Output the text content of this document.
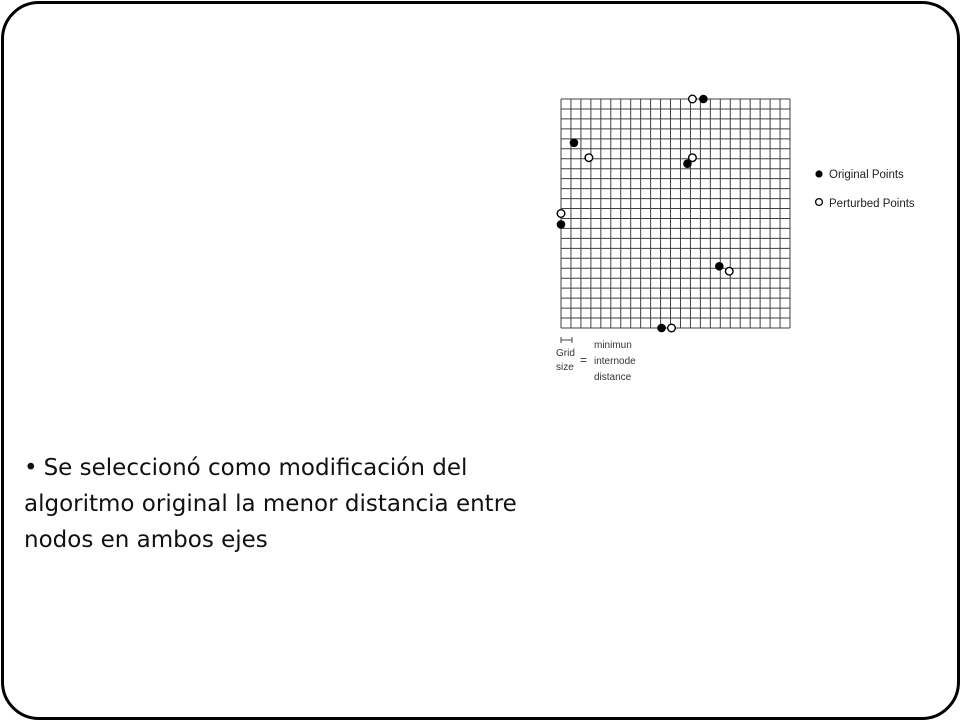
Original Points
Perturbed Points
Grid
size
=
minimun
internode
distance
• Se seleccionó como modificación del algoritmo original la menor distancia entre nodos en ambos ejes
